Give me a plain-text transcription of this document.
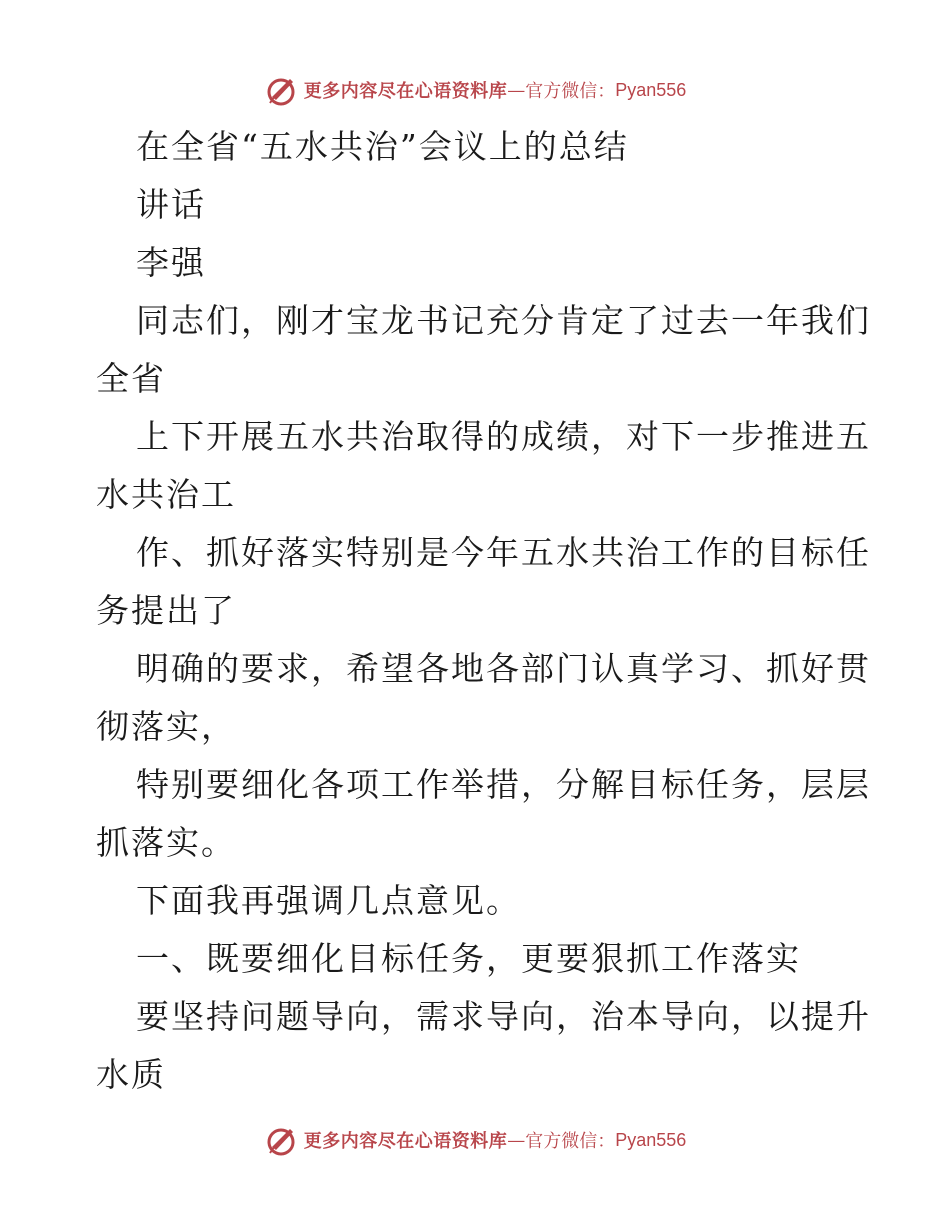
更多内容尽在心语资料库 — 官方微信： Pyan556

在全省“五水共治”会议上的总结

讲话

李强

同志们，刚才宝龙书记充分肯定了过去一年我们

全省

上下开展五水共治取得的成绩，对下一步推进五

水共治工

作、抓好落实特别是今年五水共治工作的目标任

务提出了

明确的要求，希望各地各部门认真学习、抓好贯

彻落实，

特别要细化各项工作举措，分解目标任务，层层

抓落实。

下面我再强调几点意见。

一、既要细化目标任务，更要狠抓工作落实

要坚持问题导向，需求导向，治本导向，以提升

水质

更多内容尽在心语资料库 — 官方微信： Pyan556
